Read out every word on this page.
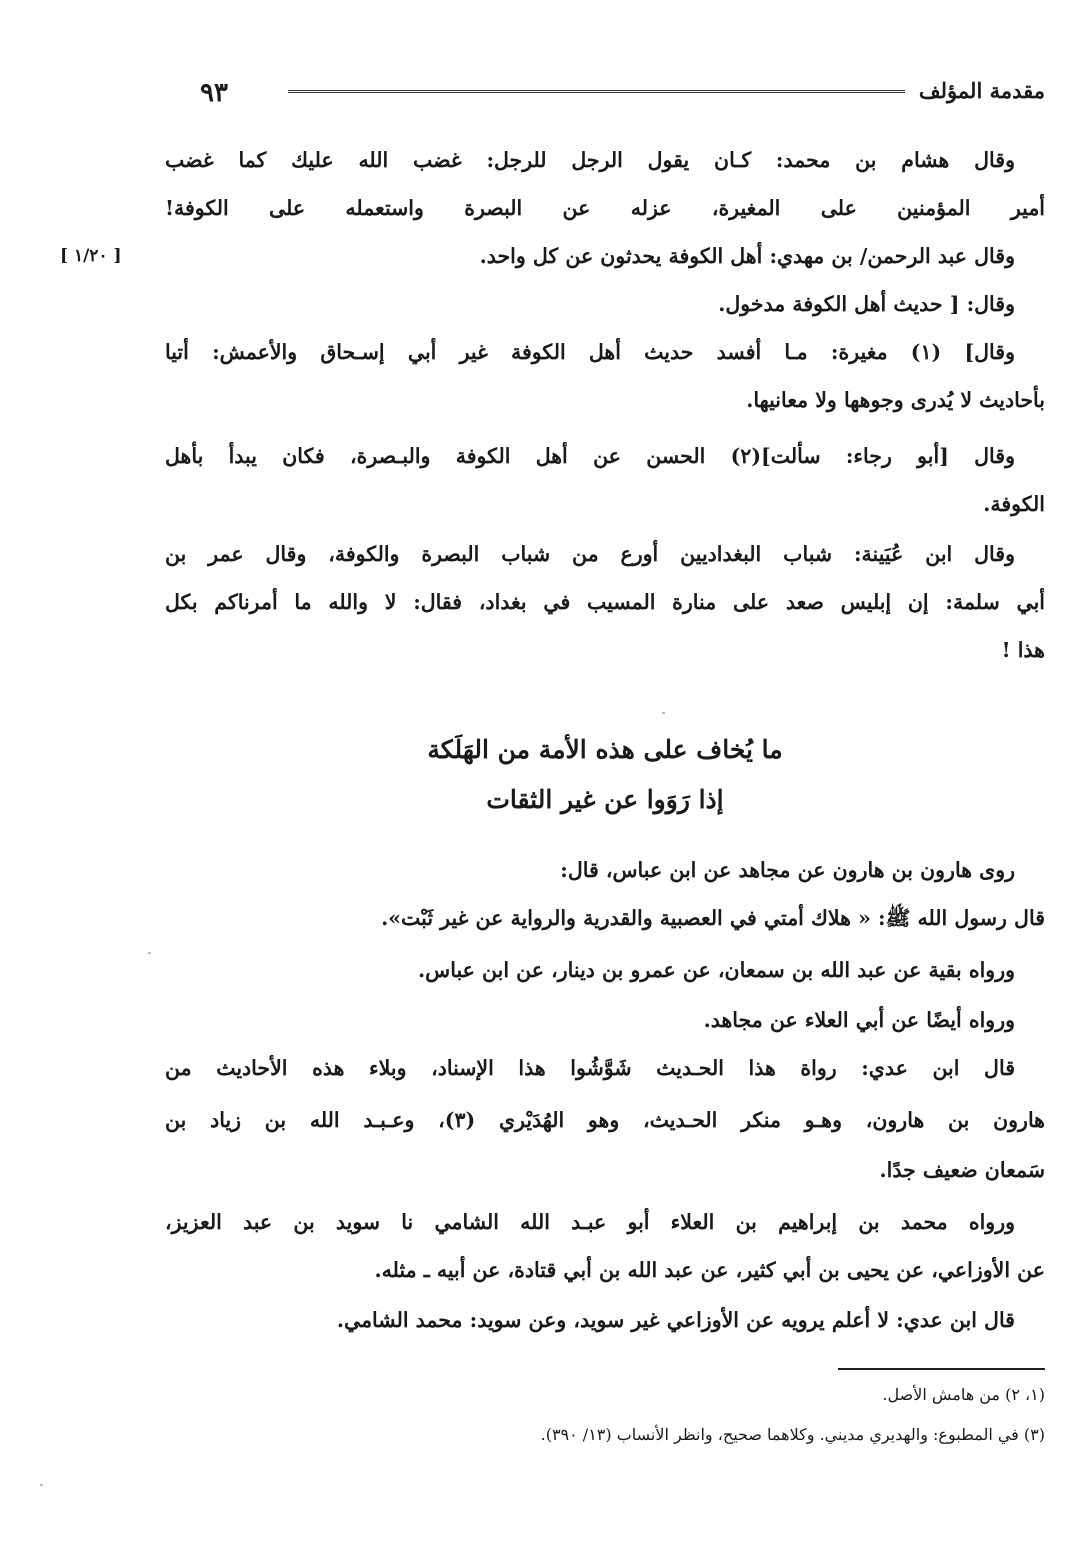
٩٣	مقدمة المؤلف
[ ١/٢٠ ]
وقال هشام بن محمد: كـان يقول الرجل للرجل: غضب الله عليك كما غضب
أمير المؤمنين على المغيرة، عزله عن البصرة واستعمله على الكوفة!
وقال عبد الرحمن/ بن مهدي: أهل الكوفة يحدثون عن كل واحد.
وقال: [ حديث أهل الكوفة مدخول.
وقال] (١) مغيرة: مـا أفسد حديث أهل الكوفة غير أبي إسـحاق والأعمش: أتيا
بأحاديث لا يُدرى وجوهها ولا معانيها.
وقال [أبو رجاء: سألت](٢) الحسن عن أهل الكوفة والبـصرة، فكان يبدأ بأهل
الكوفة.
وقال ابن عُيَينة: شباب البغداديين أورع من شباب البصرة والكوفة، وقال عمر بن
أبي سلمة: إن إبليس صعد على منارة المسيب في بغداد، فقال: لا والله ما أمرناكم بكل
هذا !
ما يُخاف على هذه الأمة من الهَلَكة
إذا رَوَوا عن غير الثقات
روى هارون بن هارون عن مجاهد عن ابن عباس، قال:
قال رسول الله ﷺ: « هلاك أمتي في العصبية والقدرية والرواية عن غير ثَبْت».
ورواه بقية عن عبد الله بن سمعان، عن عمرو بن دينار، عن ابن عباس.
ورواه أيضًا عن أبي العلاء عن مجاهد.
قال ابن عدي: رواة هذا الحـديث شَوَّشُوا هذا الإسناد، وبلاء هذه الأحاديث من
هارون بن هارون، وهـو منكر الحـديث، وهو الهُدَيْري (٣)، وعـبـد الله بن زياد بن
سَمعان ضعيف جدًا.
ورواه محمد بن إبراهيم بن العلاء أبو عبـد الله الشامي نا سويد بن عبد العزيز،
عن الأوزاعي، عن يحيى بن أبي كثير، عن عبد الله بن أبي قتادة، عن أبيه ـ مثله.
قال ابن عدي: لا أعلم يرويه عن الأوزاعي غير سويد، وعن سويد: محمد الشامي.
(١، ٢) من هامش الأصل.
(٣) في المطبوع: والهديري مديني. وكلاهما صحيح، وانظر الأنساب (١٣/ ٣٩٠).
